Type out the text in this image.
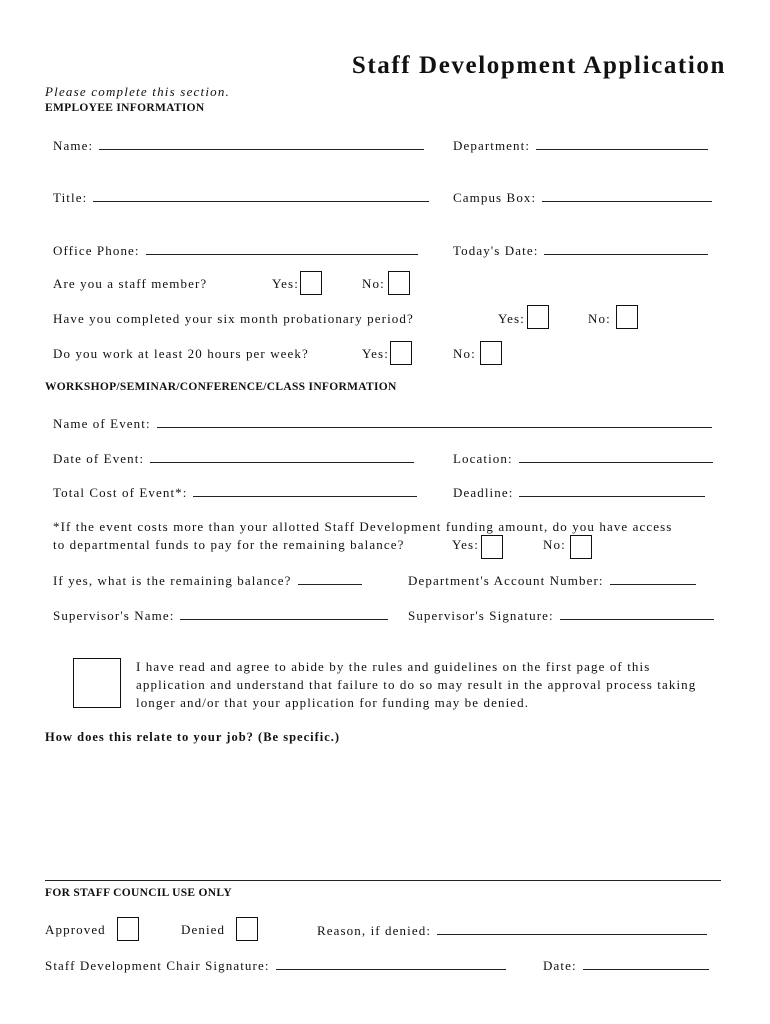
Staff Development Application
Please complete this section.
EMPLOYEE INFORMATION
Name:	Department:
Title:	Campus Box:
Office Phone:	Today's Date:
Are you a staff member?	Yes:	No:
Have you completed your six month probationary period?	Yes:	No:
Do you work at least 20 hours per week?	Yes:	No:
WORKSHOP/SEMINAR/CONFERENCE/CLASS INFORMATION
Name of Event:
Date of Event:	Location:
Total Cost of Event*:	Deadline:
*If the event costs more than your allotted Staff Development funding amount, do you have access
to departmental funds to pay for the remaining balance?	Yes:	No:
If yes, what is the remaining balance?	Department's Account Number:
Supervisor's Name:	Supervisor's Signature:
I have read and agree to abide by the rules and guidelines on the first page of this application and understand that failure to do so may result in the approval process taking longer and/or that your application for funding may be denied.
How does this relate to your job? (Be specific.)
FOR STAFF COUNCIL USE ONLY
Approved	Denied	Reason, if denied:
Staff Development Chair Signature:	Date:
